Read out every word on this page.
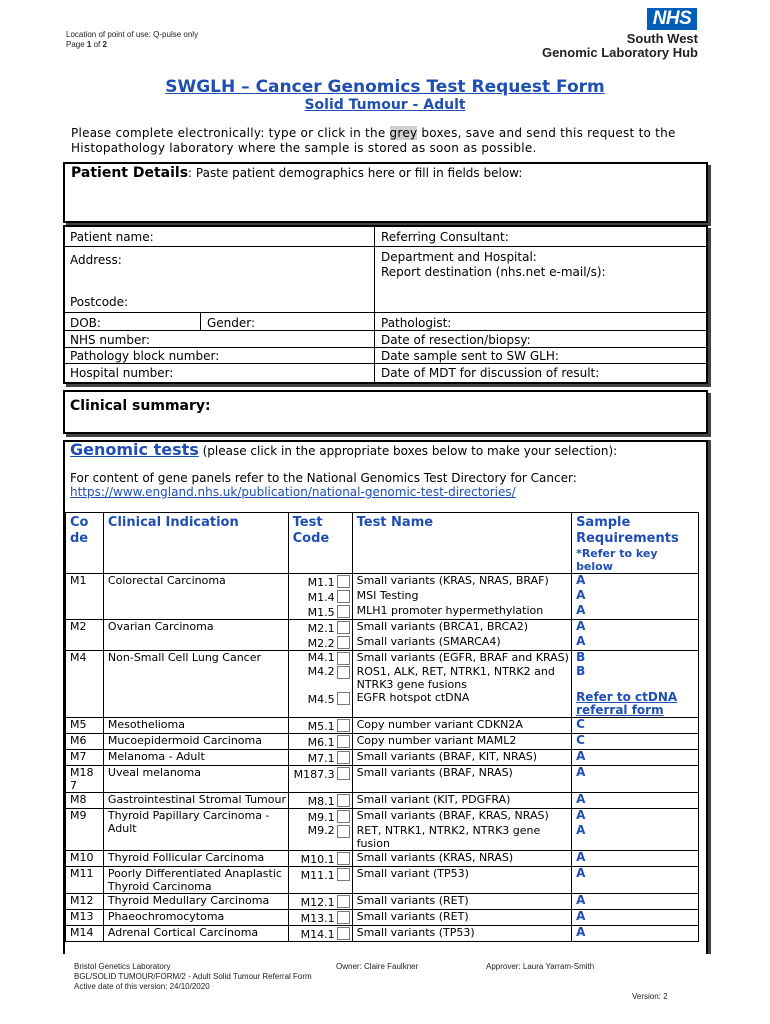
Location of point of use: Q-pulse only
Page 1 of 2
NHS
South West
Genomic Laboratory Hub
SWGLH – Cancer Genomics Test Request Form
Solid Tumour - Adult
Please complete electronically: type or click in the grey boxes, save and send this request to the Histopathology laboratory where the sample is stored as soon as possible.
Patient Details: Paste patient demographics here or fill in fields below:
Patient name:	Referring Consultant:
Address:	Department and Hospital:
Report destination (nhs.net e-mail/s):
Postcode:
DOB:	Gender:	Pathologist:
NHS number:	Date of resection/biopsy:
Pathology block number:	Date sample sent to SW GLH:
Hospital number:	Date of MDT for discussion of result:
Clinical summary:
Genomic tests (please click in the appropriate boxes below to make your selection):
For content of gene panels refer to the National Genomics Test Directory for Cancer:
https://www.england.nhs.uk/publication/national-genomic-test-directories/
Co de	Clinical Indication	Test Code	Test Name	Sample Requirements
*Refer to key below

M1	Colorectal Carcinoma	M1.1	Small variants (KRAS, NRAS, BRAF)	A

		M1.4	MSI Testing	A

		M1.5	MLH1 promoter hypermethylation	A
M2	Ovarian Carcinoma	M2.1	Small variants (BRCA1, BRCA2)	A

		M2.2	Small variants (SMARCA4)	A
M4	Non-Small Cell Lung Cancer	M4.1	Small variants (EGFR, BRAF and KRAS)	B

		M4.2	ROS1, ALK, RET, NTRK1, NTRK2 and NTRK3 gene fusions	B

		M4.5	EGFR hotspot ctDNA	Refer to ctDNA referral form
M5	Mesothelioma	M5.1	Copy number variant CDKN2A	C
M6	Mucoepidermoid Carcinoma	M6.1	Copy number variant MAML2	C
M7	Melanoma - Adult	M7.1	Small variants (BRAF, KIT, NRAS)	A
M18 7	Uveal melanoma	M187.3	Small variants (BRAF, NRAS)	A
M8	Gastrointestinal Stromal Tumour	M8.1	Small variant (KIT, PDGFRA)	A
M9	Thyroid Papillary Carcinoma - Adult	M9.1	Small variants (BRAF, KRAS, NRAS)	A

		M9.2	RET, NTRK1, NTRK2, NTRK3 gene fusion	A
M10	Thyroid Follicular Carcinoma	M10.1	Small variants (KRAS, NRAS)	A
M11	Poorly Differentiated Anaplastic Thyroid Carcinoma	M11.1	Small variant (TP53)	A
M12	Thyroid Medullary Carcinoma	M12.1	Small variants (RET)	A
M13	Phaeochromocytoma	M13.1	Small variants (RET)	A
M14	Adrenal Cortical Carcinoma	M14.1	Small variants (TP53)	A
Bristol Genetics Laboratory	Owner: Claire Faulkner	Approver: Laura Yarram-Smith
BGL/SOLID TUMOUR/FORM/2 - Adult Solid Tumour Referral Form
Active date of this version: 24/10/2020
Version: 2
